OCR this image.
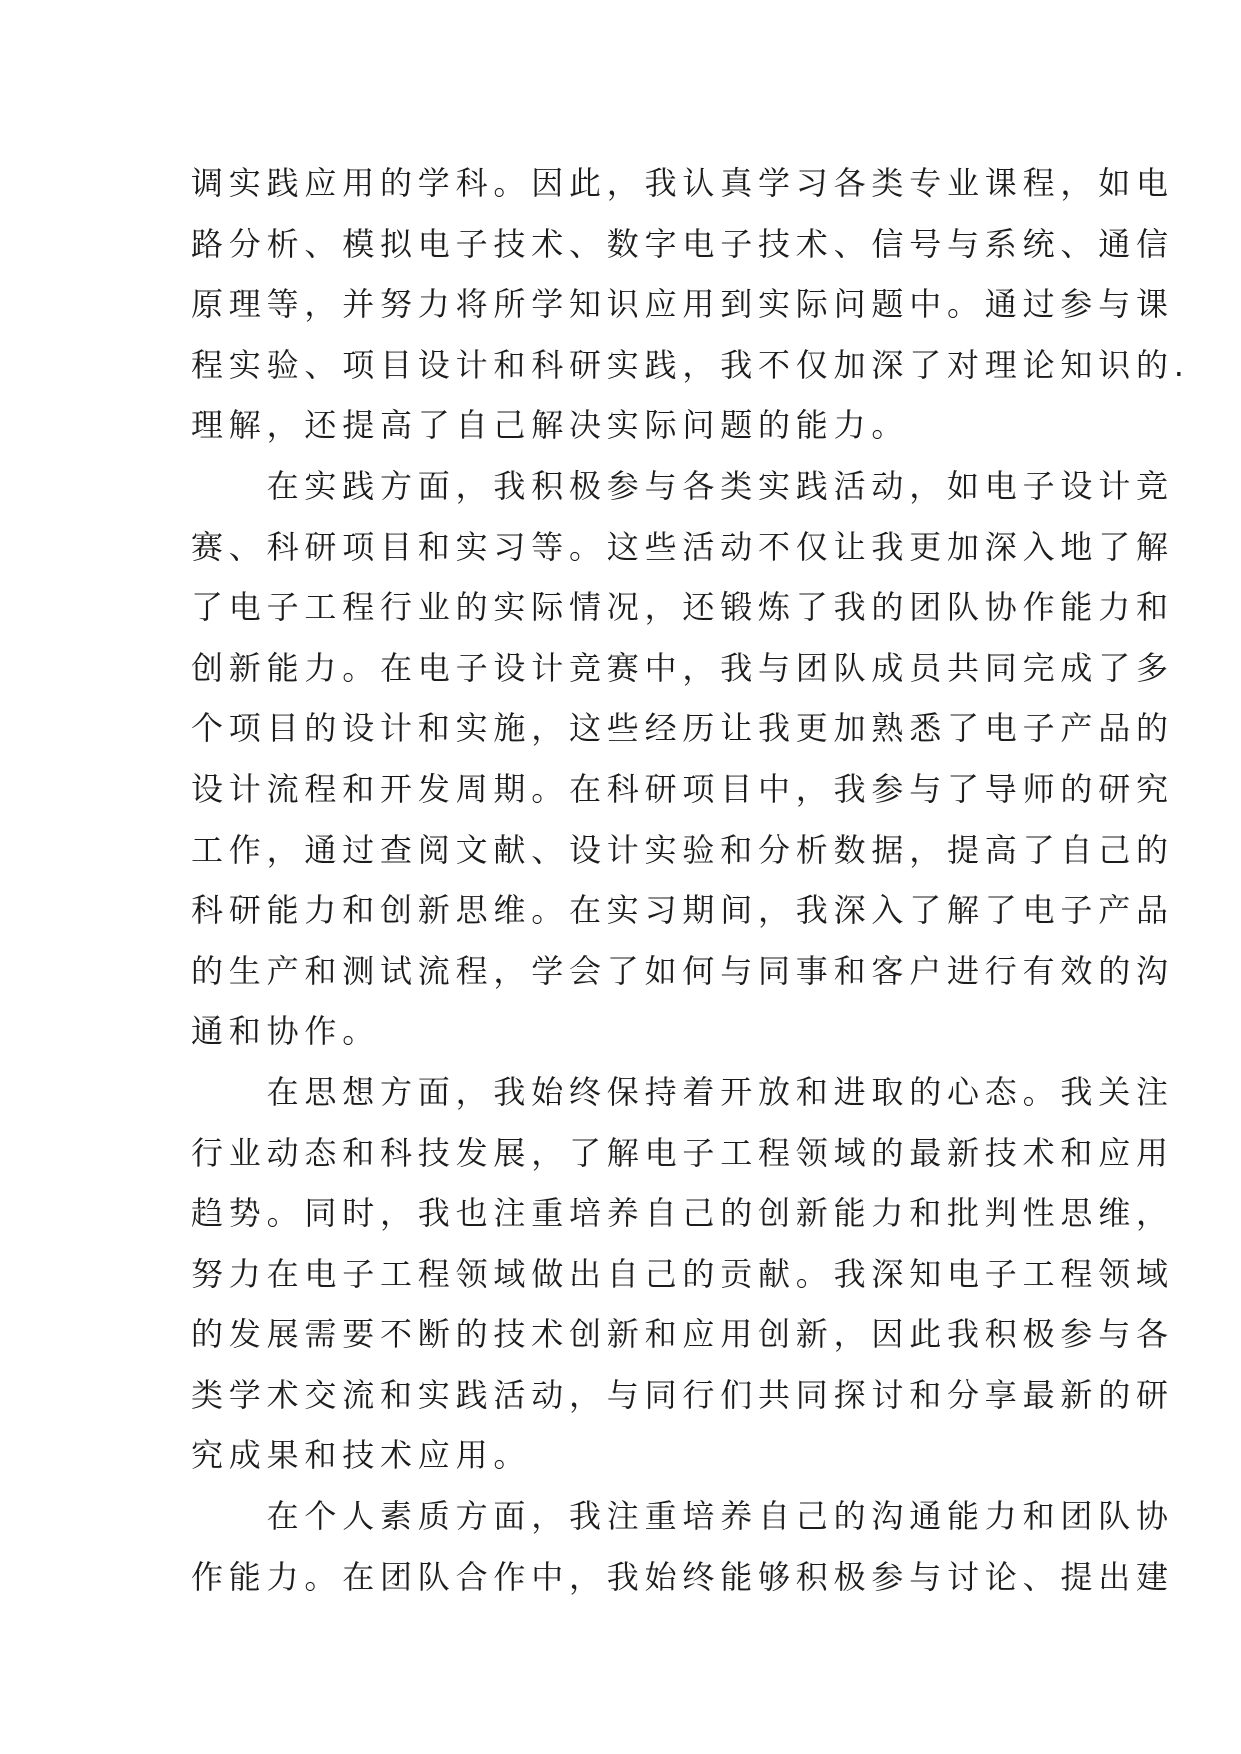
调实践应用的学科。因此，我认真学习各类专业课程，如电
路分析、模拟电子技术、数字电子技术、信号与系统、通信
原理等，并努力将所学知识应用到实际问题中。通过参与课
程实验、项目设计和科研实践，我不仅加深了对理论知识的.
理解，还提高了自己解决实际问题的能力。
　　在实践方面，我积极参与各类实践活动，如电子设计竞
赛、科研项目和实习等。这些活动不仅让我更加深入地了解
了电子工程行业的实际情况，还锻炼了我的团队协作能力和
创新能力。在电子设计竞赛中，我与团队成员共同完成了多
个项目的设计和实施，这些经历让我更加熟悉了电子产品的
设计流程和开发周期。在科研项目中，我参与了导师的研究
工作，通过查阅文献、设计实验和分析数据，提高了自己的
科研能力和创新思维。在实习期间，我深入了解了电子产品
的生产和测试流程，学会了如何与同事和客户进行有效的沟
通和协作。
　　在思想方面，我始终保持着开放和进取的心态。我关注
行业动态和科技发展，了解电子工程领域的最新技术和应用
趋势。同时，我也注重培养自己的创新能力和批判性思维，
努力在电子工程领域做出自己的贡献。我深知电子工程领域
的发展需要不断的技术创新和应用创新，因此我积极参与各
类学术交流和实践活动，与同行们共同探讨和分享最新的研
究成果和技术应用。
　　在个人素质方面，我注重培养自己的沟通能力和团队协
作能力。在团队合作中，我始终能够积极参与讨论、提出建
